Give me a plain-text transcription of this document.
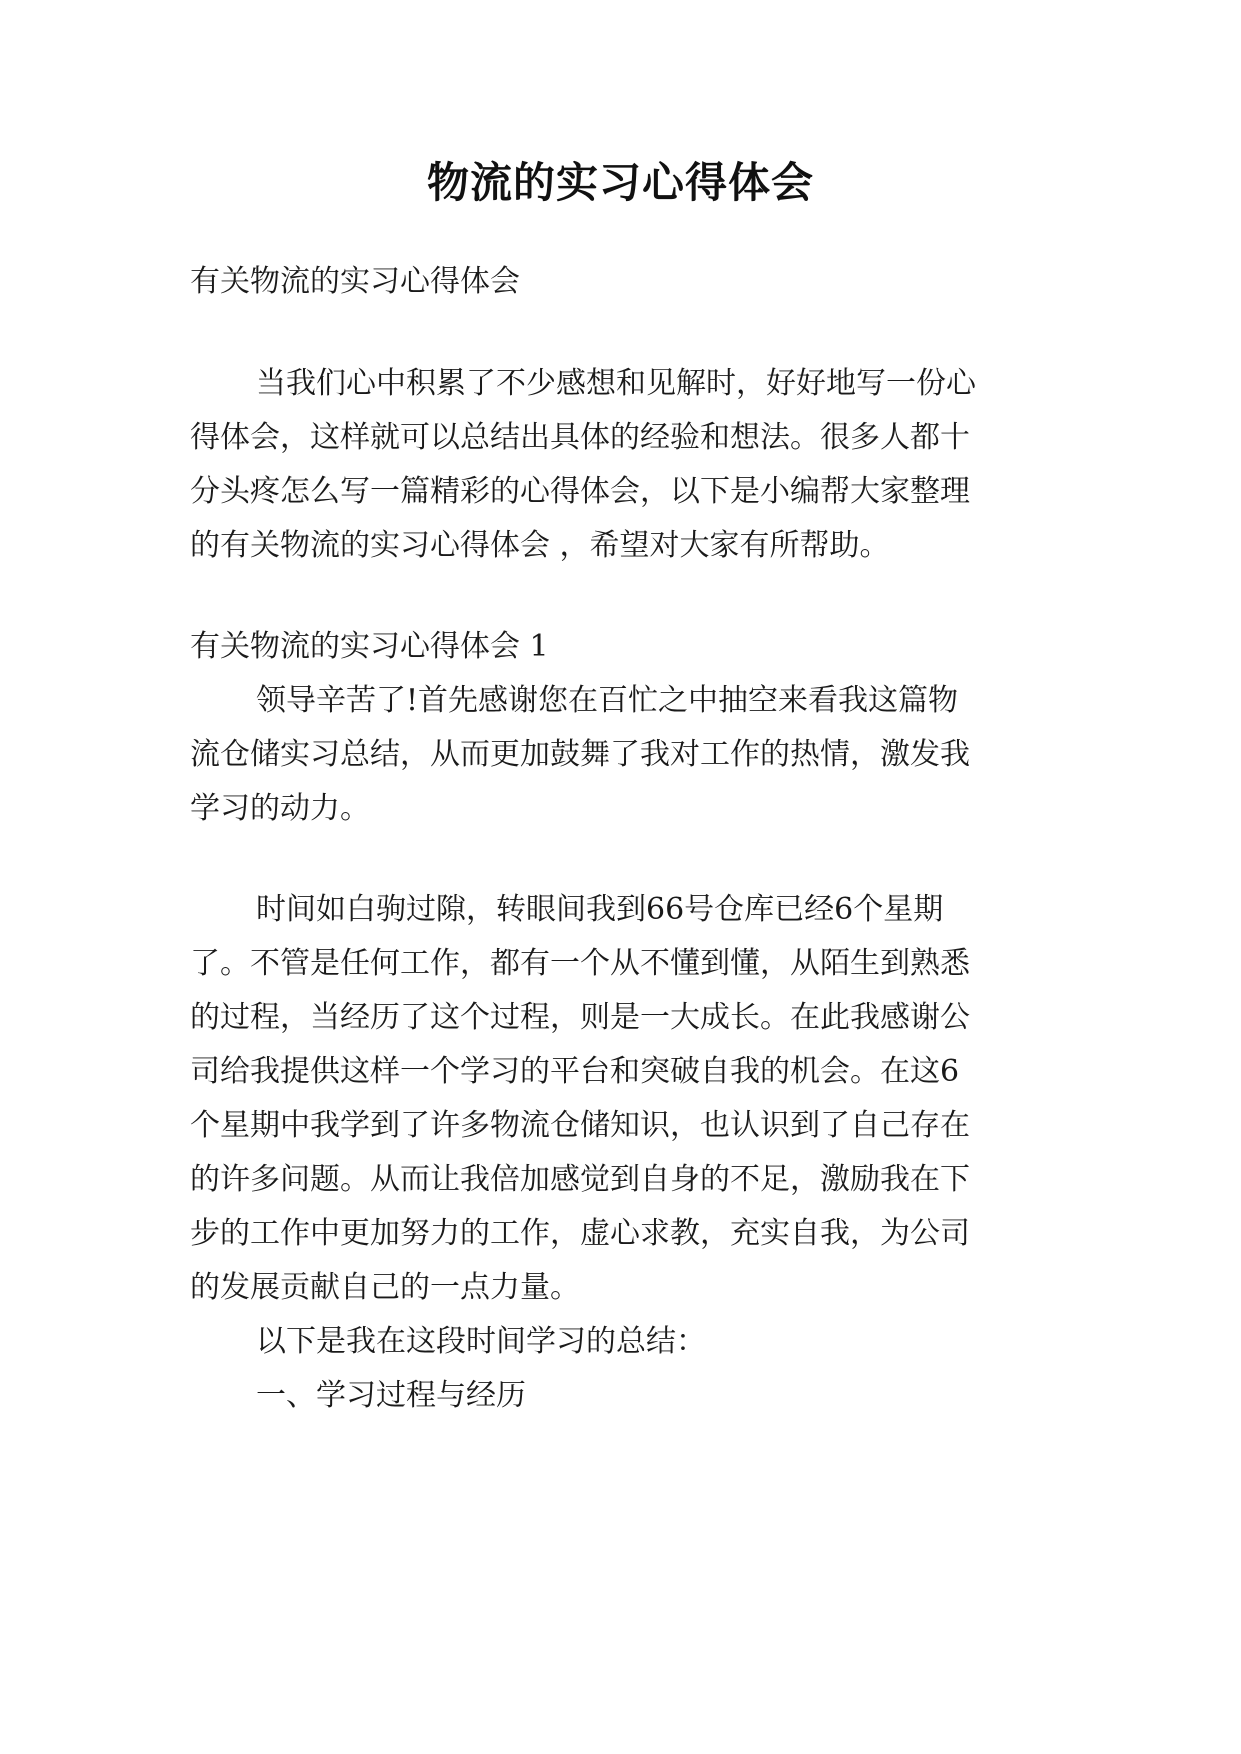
物流的实习心得体会
有关物流的实习心得体会
当我们心中积累了不少感想和见解时，好好地写一份心
得体会，这样就可以总结出具体的经验和想法。很多人都十
分头疼怎么写一篇精彩的心得体会，以下是小编帮大家整理
的有关物流的实习心得体会 ，希望对大家有所帮助。
有关物流的实习心得体会 1
领导辛苦了!首先感谢您在百忙之中抽空来看我这篇物
流仓储实习总结，从而更加鼓舞了我对工作的热情，激发我
学习的动力。
时间如白驹过隙，转眼间我到66号仓库已经6个星期
了。不管是任何工作，都有一个从不懂到懂，从陌生到熟悉
的过程，当经历了这个过程，则是一大成长。在此我感谢公
司给我提供这样一个学习的平台和突破自我的机会。在这6
个星期中我学到了许多物流仓储知识，也认识到了自己存在
的许多问题。从而让我倍加感觉到自身的不足，激励我在下
步的工作中更加努力的工作，虚心求教，充实自我，为公司
的发展贡献自己的一点力量。
以下是我在这段时间学习的总结：
一、学习过程与经历
